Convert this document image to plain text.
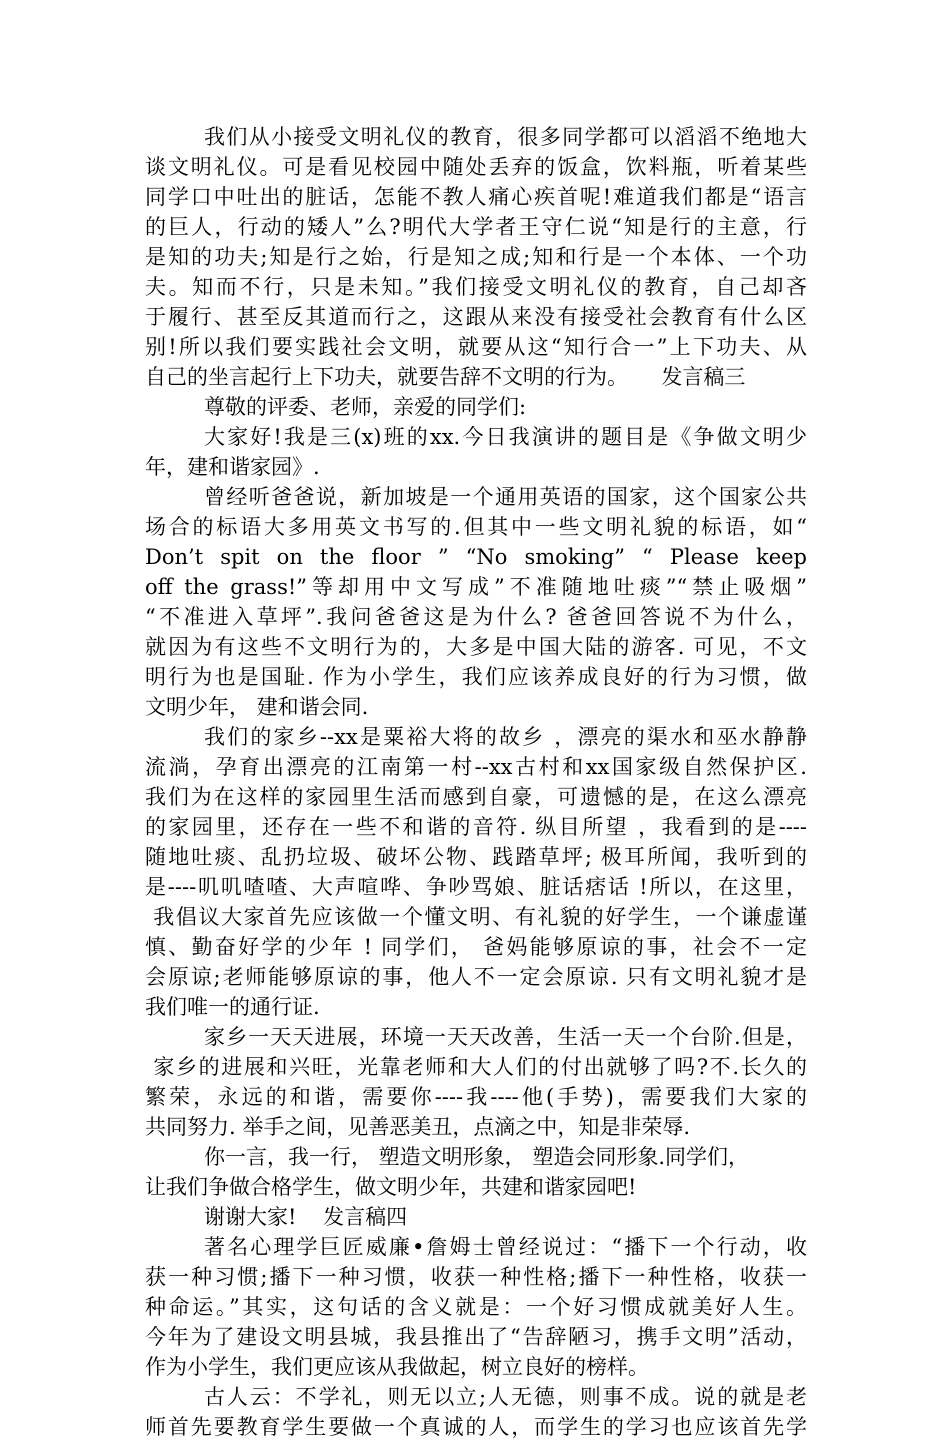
我们从小接受文明礼仪的教育，很多同学都可以滔滔不绝地大
谈文明礼仪。可是看见校园中随处丢弃的饭盒，饮料瓶，听着某些
同学口中吐出的脏话，怎能不教人痛心疾首呢!难道我们都是“语言
的巨人，行动的矮人”么?明代大学者王守仁说“知是行的主意，行
是知的功夫;知是行之始，行是知之成;知和行是一个本体、一个功
夫。知而不行，只是未知。”我们接受文明礼仪的教育，自己却吝
于履行、甚至反其道而行之，这跟从来没有接受社会教育有什么区
别!所以我们要实践社会文明，就要从这“知行合一”上下功夫、从
自己的坐言起行上下功夫，就要告辞不文明的行为。     发言稿三
尊敬的评委、老师，亲爱的同学们:
大家好!我是三(x)班的xx.今日我演讲的题目是《争做文明少
年，建和谐家园》.
曾经听爸爸说，新加坡是一个通用英语的国家，这个国家公共
场合的标语大多用英文书写的.但其中一些文明礼貌的标语，如“
Don’t spit on the floor ” “No smoking” “ Please keep
off the grass!”等却用中文写成”不准随地吐痰”“禁止吸烟”
“不准进入草坪”.我问爸爸这是为什么? 爸爸回答说不为什么，
就因为有这些不文明行为的，大多是中国大陆的游客. 可见，不文
明行为也是国耻. 作为小学生，我们应该养成良好的行为习惯，做
文明少年， 建和谐会同.
我们的家乡--xx是粟裕大将的故乡 ，漂亮的渠水和巫水静静
流淌，孕育出漂亮的江南第一村--xx古村和xx国家级自然保护区.
我们为在这样的家园里生活而感到自豪，可遗憾的是，在这么漂亮
的家园里，还存在一些不和谐的音符. 纵目所望 ，我看到的是----
随地吐痰、乱扔垃圾、破坏公物、践踏草坪; 极耳所闻，我听到的
是----叽叽喳喳、大声喧哗、争吵骂娘、脏话痞话 !所以，在这里，
我倡议大家首先应该做一个懂文明、有礼貌的好学生，一个谦虚谨
慎、勤奋好学的少年 ! 同学们， 爸妈能够原谅的事，社会不一定
会原谅;老师能够原谅的事，他人不一定会原谅. 只有文明礼貌才是
我们唯一的通行证.
家乡一天天进展，环境一天天改善，生活一天一个台阶.但是，
家乡的进展和兴旺，光靠老师和大人们的付出就够了吗?不.长久的
繁荣，永远的和谐，需要你----我----他(手势)，需要我们大家的
共同努力. 举手之间，见善恶美丑，点滴之中，知是非荣辱.
你一言，我一行， 塑造文明形象， 塑造会同形象.同学们，
让我们争做合格学生，做文明少年，共建和谐家园吧!
谢谢大家!    发言稿四
著名心理学巨匠威廉•詹姆士曾经说过：“播下一个行动，收
获一种习惯;播下一种习惯，收获一种性格;播下一种性格，收获一
种命运。”其实，这句话的含义就是：一个好习惯成就美好人生。
今年为了建设文明县城，我县推出了“告辞陋习，携手文明”活动，
作为小学生，我们更应该从我做起，树立良好的榜样。
古人云：不学礼，则无以立;人无德，则事不成。说的就是老
师首先要教育学生要做一个真诚的人，而学生的学习也应该首先学
